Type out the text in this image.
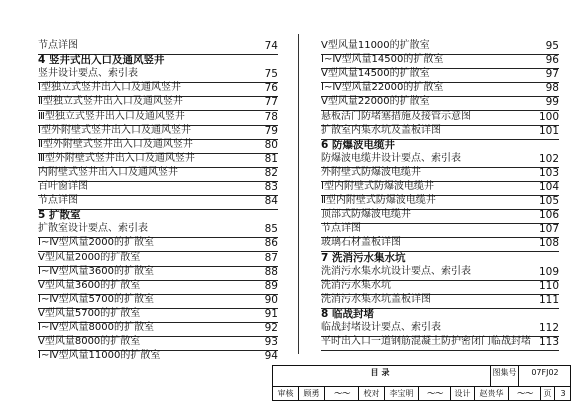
节点详图	74
4 竖井式出入口及通风竖井
竖井设计要点、索引表	75
Ⅰ型独立式竖井出入口及通风竖井	76
Ⅱ型独立式竖井出入口及通风竖井	77
Ⅲ型独立式竖井出入口及通风竖井	78
Ⅰ型外附壁式竖井出入口及通风竖井	79
Ⅱ型外附壁式竖井出入口及通风竖井	80
Ⅲ型外附壁式竖井出入口及通风竖井	81
内附壁式竖井出入口及通风竖井	82
百叶窗详图	83
节点详图	84
5 扩散室
扩散室设计要点、索引表	85
Ⅰ~Ⅳ型风量2000的扩散室	86
Ⅴ型风量2000的扩散室	87
Ⅰ~Ⅳ型风量3600的扩散室	88
Ⅴ型风量3600的扩散室	89
Ⅰ~Ⅳ型风量5700的扩散室	90
Ⅴ型风量5700的扩散室	91
Ⅰ~Ⅳ型风量8000的扩散室	92
Ⅴ型风量8000的扩散室	93
Ⅰ~Ⅳ型风量11000的扩散室	94
Ⅴ型风量11000的扩散室	95
Ⅰ~Ⅳ型风量14500的扩散室	96
Ⅴ型风量14500的扩散室	97
Ⅰ~Ⅳ型风量22000的扩散室	98
Ⅴ型风量22000的扩散室	99
悬板活门防堵塞措施及接管示意图	100
扩散室内集水坑及盖板详图	101
6 防爆波电缆井
防爆波电缆井设计要点、索引表	102
外附壁式防爆波电缆井	103
Ⅰ型内附壁式防爆波电缆井	104
Ⅱ型内附壁式防爆波电缆井	105
顶部式防爆波电缆井	106
节点详图	107
玻璃石材盖板详图	108
7 洗消污水集水坑
洗消污水集水坑设计要点、索引表	109
洗消污水集水坑	110
洗消污水集水坑盖板详图	111
8 临战封堵
临战封堵设计要点、索引表	112
平时出入口一道钢筋混凝土防护密闭门临战封堵 113
目录	图集号	07FJ02
审核	顾勇	〜〜	校对	李宝明	〜〜	设计	赵贵华	〜〜	页	3
